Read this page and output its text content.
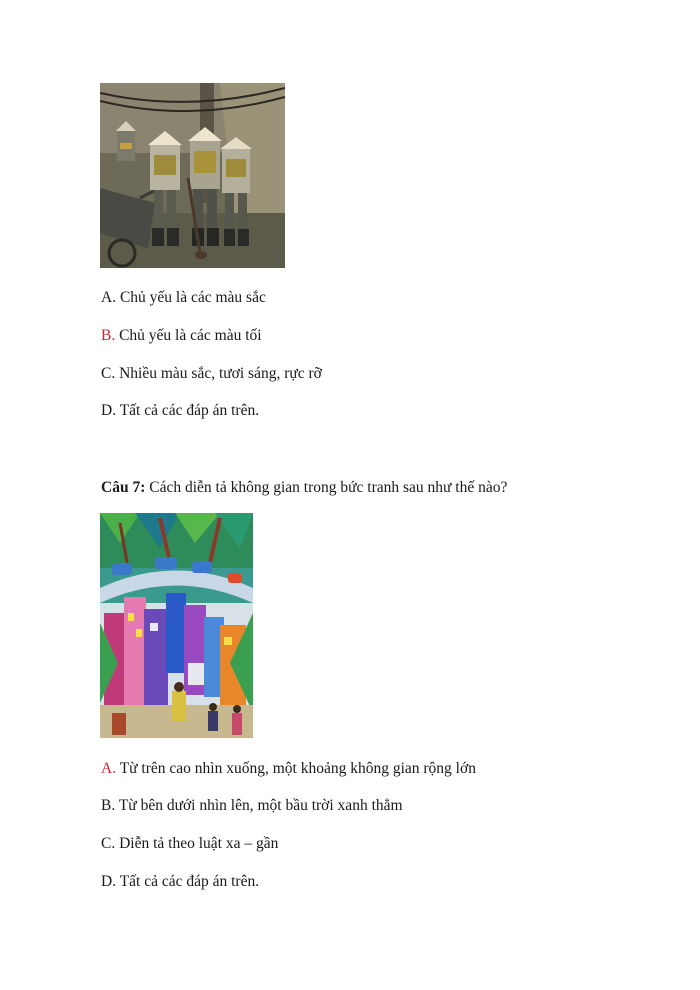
A. Chủ yếu là các màu sắc
B. Chủ yếu là các màu tối
C. Nhiều màu sắc, tươi sáng, rực rỡ
D. Tất cả các đáp án trên.
Câu 7: Cách diễn tả không gian trong bức tranh sau như thế nào?
A. Từ trên cao nhìn xuống, một khoảng không gian rộng lớn
B. Từ bên dưới nhìn lên, một bầu trời xanh thẳm
C. Diễn tả theo luật xa – gần
D. Tất cả các đáp án trên.
